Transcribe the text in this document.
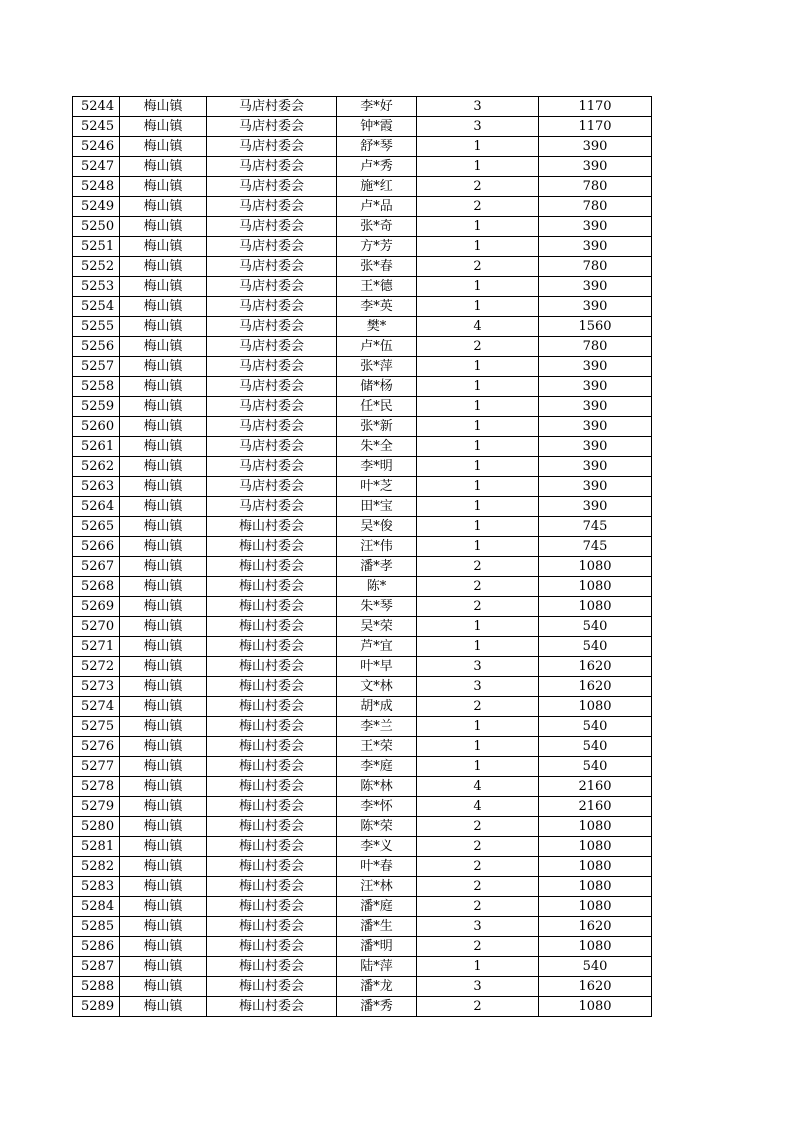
5244	梅山镇	马店村委会	李*好	3	1170
5245	梅山镇	马店村委会	钟*霞	3	1170
5246	梅山镇	马店村委会	舒*琴	1	390
5247	梅山镇	马店村委会	卢*秀	1	390
5248	梅山镇	马店村委会	施*红	2	780
5249	梅山镇	马店村委会	卢*品	2	780
5250	梅山镇	马店村委会	张*奇	1	390
5251	梅山镇	马店村委会	方*芳	1	390
5252	梅山镇	马店村委会	张*春	2	780
5253	梅山镇	马店村委会	王*德	1	390
5254	梅山镇	马店村委会	李*英	1	390
5255	梅山镇	马店村委会	樊*	4	1560
5256	梅山镇	马店村委会	卢*伍	2	780
5257	梅山镇	马店村委会	张*萍	1	390
5258	梅山镇	马店村委会	储*杨	1	390
5259	梅山镇	马店村委会	任*民	1	390
5260	梅山镇	马店村委会	张*新	1	390
5261	梅山镇	马店村委会	朱*全	1	390
5262	梅山镇	马店村委会	李*明	1	390
5263	梅山镇	马店村委会	叶*芝	1	390
5264	梅山镇	马店村委会	田*宝	1	390
5265	梅山镇	梅山村委会	吴*俊	1	745
5266	梅山镇	梅山村委会	汪*伟	1	745
5267	梅山镇	梅山村委会	潘*孝	2	1080
5268	梅山镇	梅山村委会	陈*	2	1080
5269	梅山镇	梅山村委会	朱*琴	2	1080
5270	梅山镇	梅山村委会	吴*荣	1	540
5271	梅山镇	梅山村委会	芦*宜	1	540
5272	梅山镇	梅山村委会	叶*早	3	1620
5273	梅山镇	梅山村委会	文*林	3	1620
5274	梅山镇	梅山村委会	胡*成	2	1080
5275	梅山镇	梅山村委会	李*兰	1	540
5276	梅山镇	梅山村委会	王*荣	1	540
5277	梅山镇	梅山村委会	李*庭	1	540
5278	梅山镇	梅山村委会	陈*林	4	2160
5279	梅山镇	梅山村委会	李*怀	4	2160
5280	梅山镇	梅山村委会	陈*荣	2	1080
5281	梅山镇	梅山村委会	李*义	2	1080
5282	梅山镇	梅山村委会	叶*春	2	1080
5283	梅山镇	梅山村委会	汪*林	2	1080
5284	梅山镇	梅山村委会	潘*庭	2	1080
5285	梅山镇	梅山村委会	潘*生	3	1620
5286	梅山镇	梅山村委会	潘*明	2	1080
5287	梅山镇	梅山村委会	陆*萍	1	540
5288	梅山镇	梅山村委会	潘*龙	3	1620
5289	梅山镇	梅山村委会	潘*秀	2	1080
